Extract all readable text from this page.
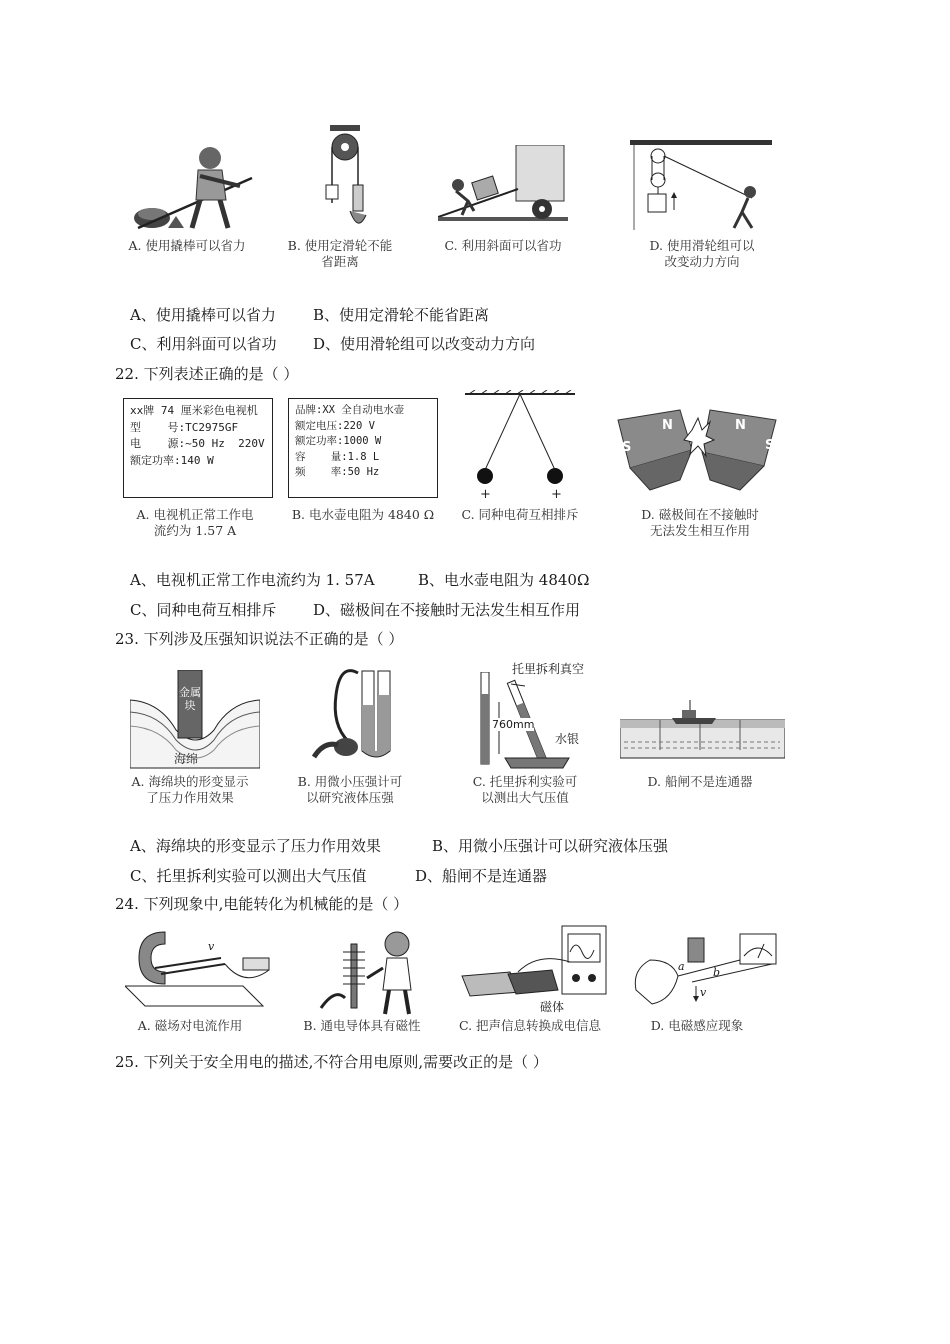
A. 使用撬棒可以省力	B. 使用定滑轮不能
省距离
C. 利用斜面可以省功	D. 使用滑轮组可以
改变动力方向
A、使用撬棒可以省力 B、使用定滑轮不能省距离
C、利用斜面可以省功 D、使用滑轮组可以改变动力方向
22. 下列表述正确的是（ ）
xx牌 74 厘米彩色电视机
型    号:TC2975GF
电    源:~50 Hz  220V
额定功率:140 W
A. 电视机正常工作电
流约为 1.57 A
品牌:XX 全自动电水壶
额定电压:220 V
额定功率:1000 W
容    量:1.8 L
频    率:50 Hz
B. 电水壶电阻为 4840 Ω
+	+
C. 同种电荷互相排斥
S
N	N
S
D. 磁极间在不接触时
无法发生相互作用
A、电视机正常工作电流约为 1. 57A	B、电水壶电阻为 4840Ω
C、同种电荷互相排斥 D、磁极间在不接触时无法发生相互作用
23. 下列涉及压强知识说法不正确的是（ ）
金属块
海绵
A. 海绵块的形变显示
了压力作用效果
B. 用微小压强计可
以研究液体压强
托里拆利真空
760mm
水银
C. 托里拆利实验可
以测出大气压值
D. 船闸不是连通器
A、海绵块的形变显示了压力作用效果	B、用微小压强计可以研究液体压强
C、托里拆利实验可以测出大气压值	D、船闸不是连通器
24. 下列现象中,电能转化为机械能的是（ ）
v
A. 磁场对电流作用	B. 通电导体具有磁性
磁体
C. 把声信息转换成电信息
a	b
v
D. 电磁感应现象
25. 下列关于安全用电的描述,不符合用电原则,需要改正的是（ ）
